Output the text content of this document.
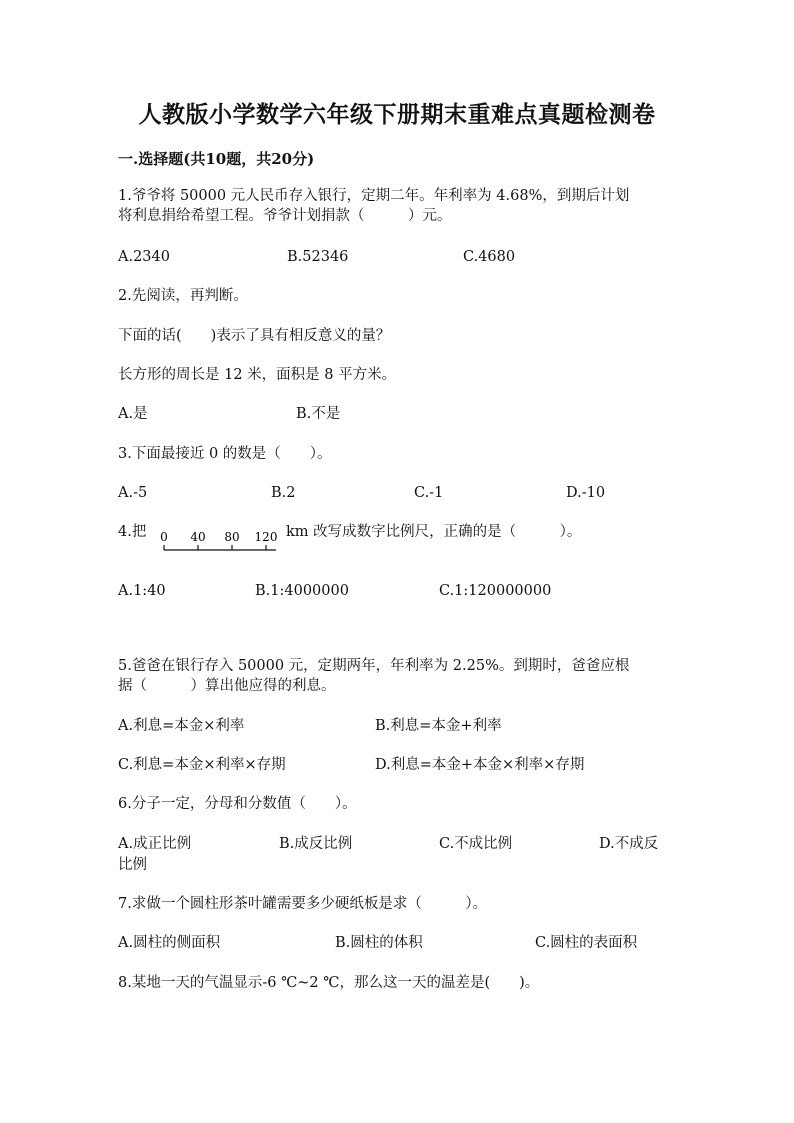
人教版小学数学六年级下册期末重难点真题检测卷
一.选择题(共10题，共20分)
1.爷爷将 50000 元人民币存入银行，定期二年。年利率为 4.68%，到期后计划
将利息捐给希望工程。爷爷计划捐款（　　　）元。
A.2340	B.52346	C.4680
2.先阅读，再判断。
下面的话(　　)表示了具有相反意义的量？
长方形的周长是 12 米，面积是 8 平方米。
A.是	B.不是
3.下面最接近 0 的数是（　　）。
A.-5	B.2	C.-1	D.-10
4.把 0 40 80 120 km 改写成数字比例尺，正确的是（　　　）。
A.1:40	B.1:4000000	C.1:120000000
5.爸爸在银行存入 50000 元，定期两年，年利率为 2.25%。到期时，爸爸应根
据（　　　）算出他应得的利息。
A.利息=本金×利率	B.利息=本金+利率
C.利息=本金×利率×存期	D.利息=本金+本金×利率×存期
6.分子一定，分母和分数值（　　）。
A.成正比例	B.成反比例	C.不成比例	D.不成反
比例
7.求做一个圆柱形茶叶罐需要多少硬纸板是求（　　　）。
A.圆柱的侧面积	B.圆柱的体积	C.圆柱的表面积
8.某地一天的气温显示-6 ℃~2 ℃，那么这一天的温差是(　　)。
